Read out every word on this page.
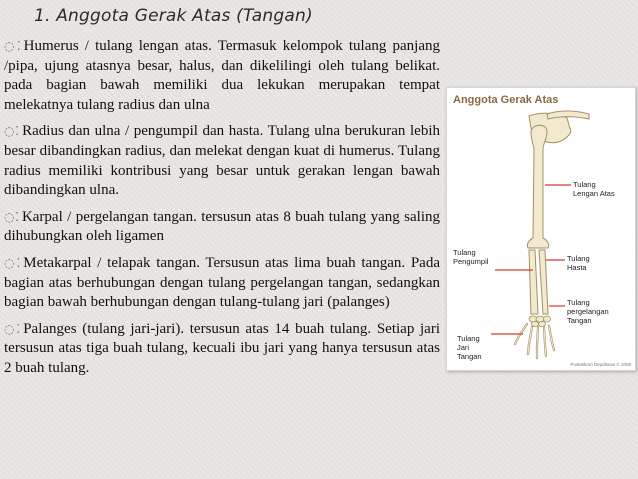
1. Anggota Gerak Atas (Tangan)

◌⁚ Humerus / tulang lengan atas. Termasuk kelompok tulang panjang /pipa, ujung atasnya besar, halus, dan dikelilingi oleh tulang belikat. pada bagian bawah memiliki dua lekukan merupakan tempat melekatnya tulang radius dan ulna

◌⁚ Radius dan ulna / pengumpil dan hasta. Tulang ulna berukuran lebih besar dibandingkan radius, dan melekat dengan kuat di humerus. Tulang radius memiliki kontribusi yang besar untuk gerakan lengan bawah dibandingkan ulna.

◌⁚ Karpal / pergelangan tangan. tersusun atas 8 buah tulang yang saling dihubungkan oleh ligamen

◌⁚ Metakarpal / telapak tangan. Tersusun atas lima buah tangan. Pada bagian atas berhubungan dengan tulang pergelangan tangan, sedangkan bagian bawah berhubungan dengan tulang-tulang jari (palanges)

◌⁚ Palanges (tulang jari-jari). tersusun atas 14 buah tulang. Setiap jari tersusun atas tiga buah tulang, kecuali ibu jari yang hanya tersusun atas 2 buah tulang.

Anggota Gerak Atas
Tulang
Lengan Atas
Tulang
Pengumpil	Tulang
Hasta
Tulang
pergelangan
Tangan
Tulang
Jari
Tangan
Pustekkom Depdiknas © 2008
